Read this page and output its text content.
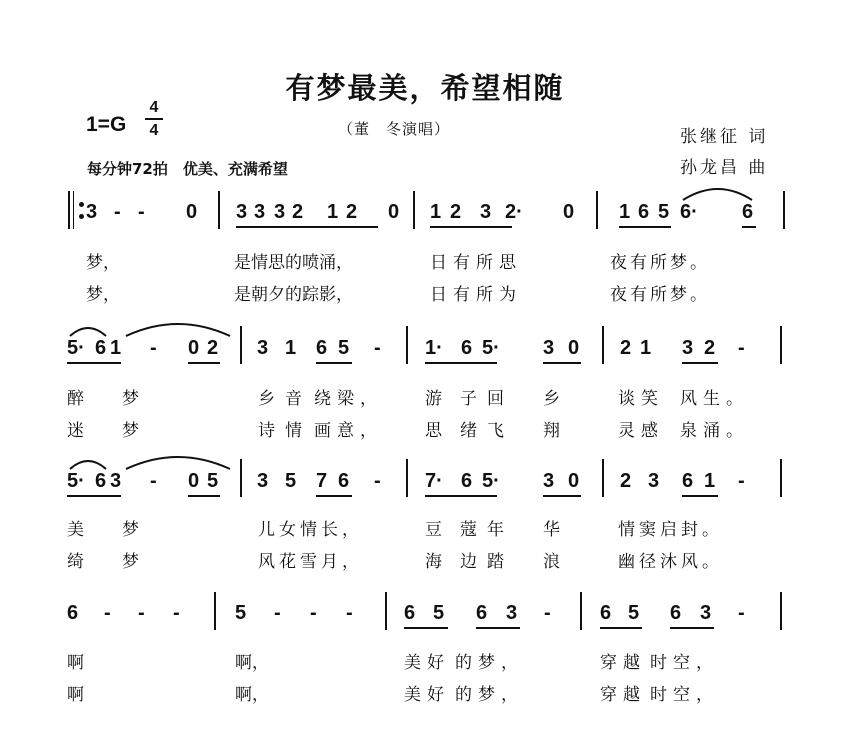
有梦最美，希望相随
1=G
4
4	（董　冬演唱）
每分钟72拍　优美、充满希望
张继征 词
孙龙昌 曲
3 - - 0 3 3 3 2 1 2 0 1 2 3 2· 0 1 6 5 6· 6
梦，	是情思的喷涌，	日有所思	夜有所梦。
梦，	是朝夕的踪影，	日有所为	夜有所梦。
5· 6 1 - 0 2 3 1 6 5 - 1· 6 5· 3 0 2 1 3 2 -
醉 梦	乡音 绕梁， 游 子回 乡	谈笑 风生。
迷 梦	诗情 画意， 思 绪飞 翔	灵感 泉涌。
5· 6 3 - 0 5 3 5 7 6 - 7· 6 5· 3 0 2 3 6 1 -
美 梦	儿女 情长，	豆 蔻年 华	情窦 启封。
绮 梦	风花 雪月，	海 边踏 浪	幽径 沐风。
6 - - -	5 - - -	6 5 6 3 - 6 5 6 3 -
啊	啊，	美好 的梦，	穿越 时空，
啊	啊，	美好 的梦，	穿越 时空，
